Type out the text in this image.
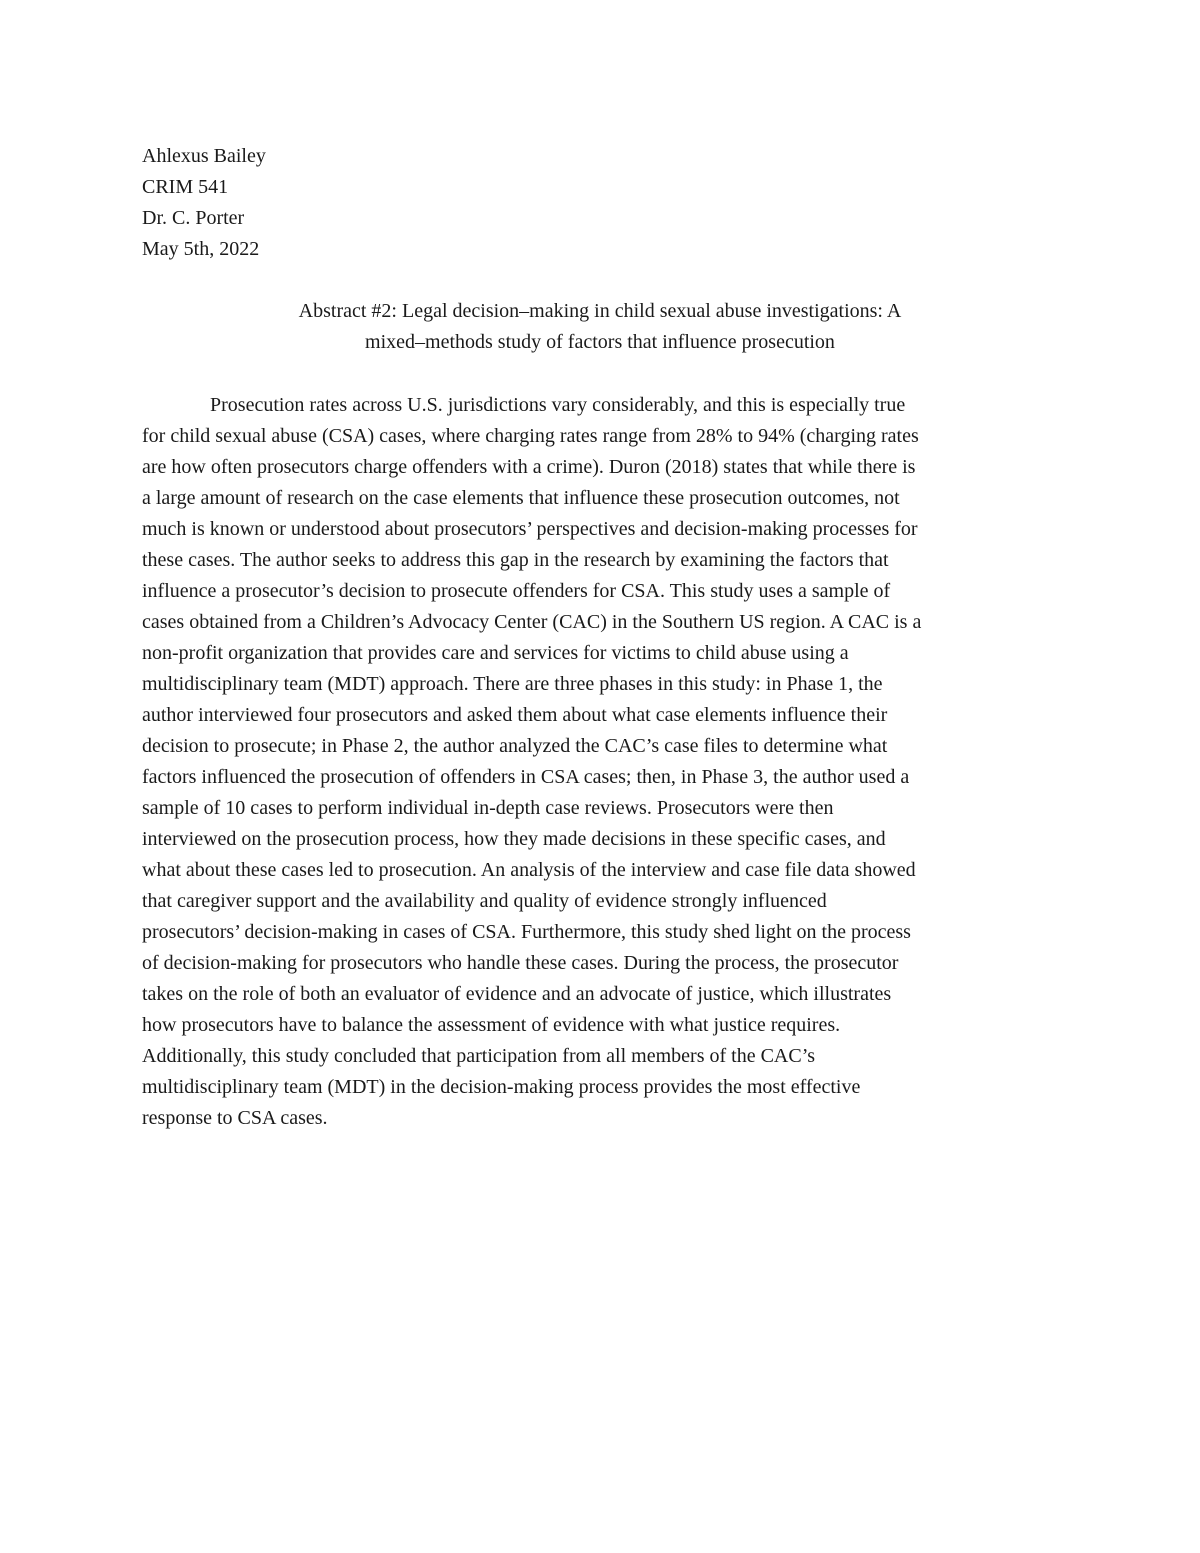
Ahlexus Bailey
CRIM 541
Dr. C. Porter
May 5th, 2022
Abstract #2: Legal decision–making in child sexual abuse investigations: A
mixed–methods study of factors that influence prosecution
Prosecution rates across U.S. jurisdictions vary considerably, and this is especially true
for child sexual abuse (CSA) cases, where charging rates range from 28% to 94% (charging rates
are how often prosecutors charge offenders with a crime). Duron (2018) states that while there is
a large amount of research on the case elements that influence these prosecution outcomes, not
much is known or understood about prosecutors’ perspectives and decision-making processes for
these cases. The author seeks to address this gap in the research by examining the factors that
influence a prosecutor’s decision to prosecute offenders for CSA. This study uses a sample of
cases obtained from a Children’s Advocacy Center (CAC) in the Southern US region. A CAC is a
non-profit organization that provides care and services for victims to child abuse using a
multidisciplinary team (MDT) approach. There are three phases in this study: in Phase 1, the
author interviewed four prosecutors and asked them about what case elements influence their
decision to prosecute; in Phase 2, the author analyzed the CAC’s case files to determine what
factors influenced the prosecution of offenders in CSA cases; then, in Phase 3, the author used a
sample of 10 cases to perform individual in-depth case reviews. Prosecutors were then
interviewed on the prosecution process, how they made decisions in these specific cases, and
what about these cases led to prosecution. An analysis of the interview and case file data showed
that caregiver support and the availability and quality of evidence strongly influenced
prosecutors’ decision-making in cases of CSA. Furthermore, this study shed light on the process
of decision-making for prosecutors who handle these cases. During the process, the prosecutor
takes on the role of both an evaluator of evidence and an advocate of justice, which illustrates
how prosecutors have to balance the assessment of evidence with what justice requires.
Additionally, this study concluded that participation from all members of the CAC’s
multidisciplinary team (MDT) in the decision-making process provides the most effective
response to CSA cases.
